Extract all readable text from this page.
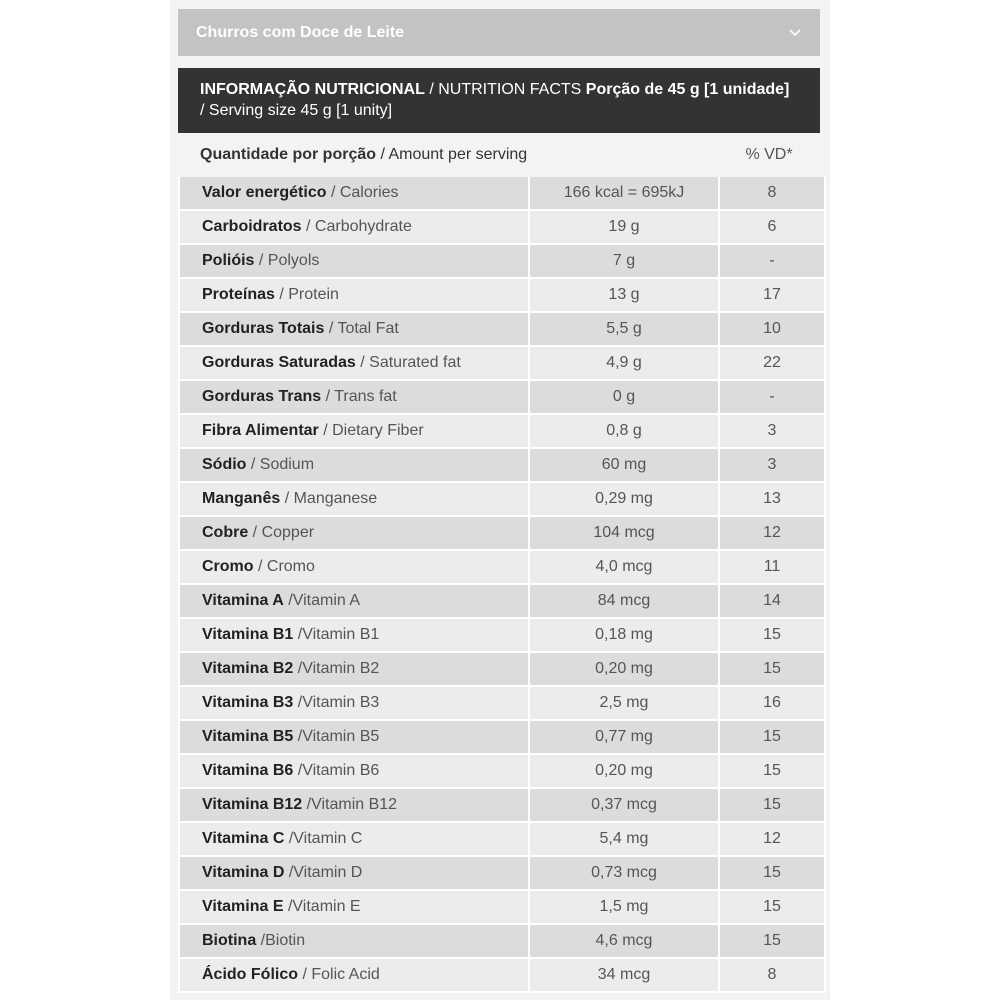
Churros com Doce de Leite
INFORMAÇÃO NUTRICIONAL / NUTRITION FACTS Porção de 45 g [1 unidade] / Serving size 45 g [1 unity]
Quantidade por porção / Amount per serving	% VD*
Valor energético / Calories	166 kcal = 695kJ	8
Carboidratos / Carbohydrate	19 g	6
Polióis / Polyols	7 g	-
Proteínas / Protein	13 g	17
Gorduras Totais / Total Fat	5,5 g	10
Gorduras Saturadas / Saturated fat	4,9 g	22
Gorduras Trans / Trans fat	0 g	-
Fibra Alimentar / Dietary Fiber	0,8 g	3
Sódio / Sodium	60 mg	3
Manganês / Manganese	0,29 mg	13
Cobre / Copper	104 mcg	12
Cromo / Cromo	4,0 mcg	11
Vitamina A /Vitamin A	84 mcg	14
Vitamina B1 /Vitamin B1	0,18 mg	15
Vitamina B2 /Vitamin B2	0,20 mg	15
Vitamina B3 /Vitamin B3	2,5 mg	16
Vitamina B5 /Vitamin B5	0,77 mg	15
Vitamina B6 /Vitamin B6	0,20 mg	15
Vitamina B12 /Vitamin B12	0,37 mcg	15
Vitamina C /Vitamin C	5,4 mg	12
Vitamina D /Vitamin D	0,73 mcg	15
Vitamina E /Vitamin E	1,5 mg	15
Biotina /Biotin	4,6 mcg	15
Ácido Fólico / Folic Acid	34 mcg	8
